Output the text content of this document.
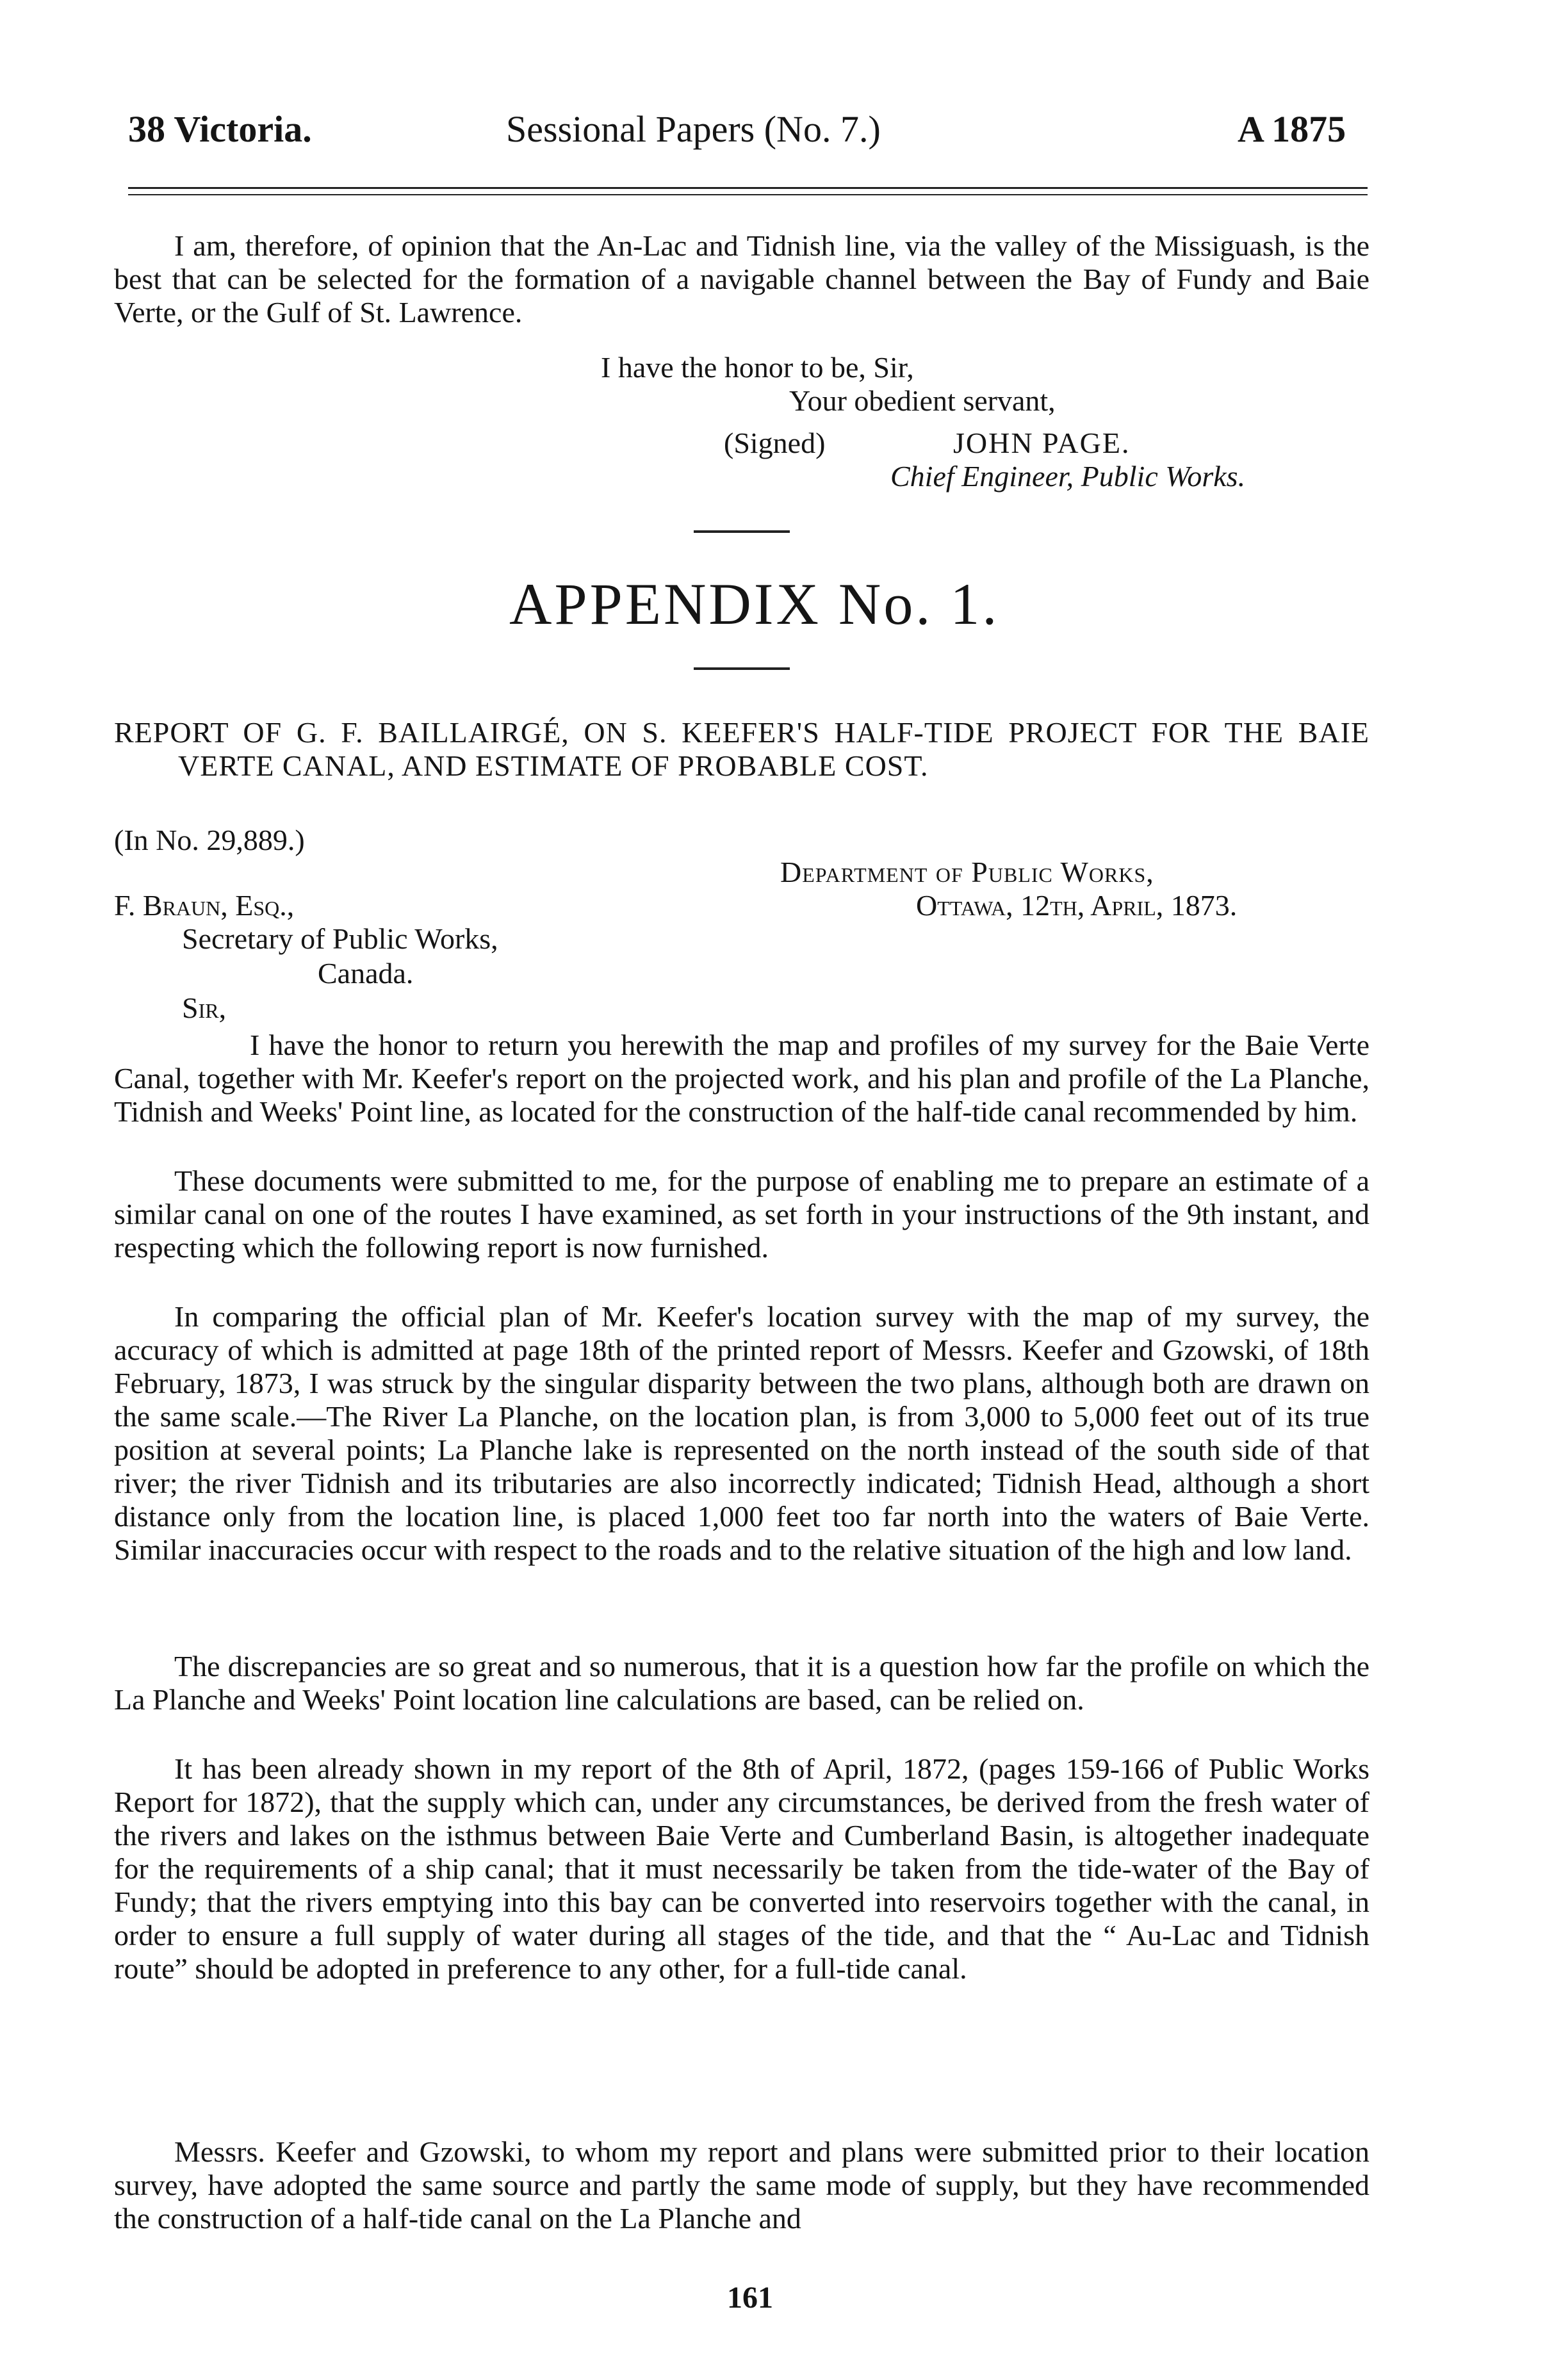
38 Victoria.	Sessional Papers (No. 7.)	A 1875
I am, therefore, of opinion that the An-Lac and Tidnish line, via the valley of the Missiguash, is the best that can be selected for the formation of a navigable channel between the Bay of Fundy and Baie Verte, or the Gulf of St. Lawrence.
I have the honor to be, Sir,
Your obedient servant,
(Signed)	JOHN PAGE.
Chief Engineer, Public Works.
APPENDIX No. 1.
REPORT OF G. F. BAILLAIRGÉ, ON S. KEEFER'S HALF-TIDE PROJECT FOR THE BAIE VERTE CANAL, AND ESTIMATE OF PROBABLE COST.
(In No. 29,889.)
Department of Public Works,
Ottawa, 12th, April, 1873.
F. Braun, Esq.,
Secretary of Public Works,
Canada.
Sir,
I have the honor to return you herewith the map and profiles of my survey for the Baie Verte Canal, together with Mr. Keefer's report on the projected work, and his plan and profile of the La Planche, Tidnish and Weeks' Point line, as located for the construction of the half-tide canal recommended by him.
These documents were submitted to me, for the purpose of enabling me to prepare an estimate of a similar canal on one of the routes I have examined, as set forth in your instructions of the 9th instant, and respecting which the following report is now furnished.
In comparing the official plan of Mr. Keefer's location survey with the map of my survey, the accuracy of which is admitted at page 18th of the printed report of Messrs. Keefer and Gzowski, of 18th February, 1873, I was struck by the singular disparity between the two plans, although both are drawn on the same scale.—The River La Planche, on the location plan, is from 3,000 to 5,000 feet out of its true position at several points; La Planche lake is represented on the north instead of the south side of that river; the river Tidnish and its tributaries are also incorrectly indicated; Tidnish Head, although a short distance only from the location line, is placed 1,000 feet too far north into the waters of Baie Verte. Similar inaccuracies occur with respect to the roads and to the relative situation of the high and low land.
The discrepancies are so great and so numerous, that it is a question how far the profile on which the La Planche and Weeks' Point location line calculations are based, can be relied on.
It has been already shown in my report of the 8th of April, 1872, (pages 159-166 of Public Works Report for 1872), that the supply which can, under any circumstances, be derived from the fresh water of the rivers and lakes on the isthmus between Baie Verte and Cumberland Basin, is altogether inadequate for the requirements of a ship canal; that it must necessarily be taken from the tide-water of the Bay of Fundy; that the rivers emptying into this bay can be converted into reservoirs together with the canal, in order to ensure a full supply of water during all stages of the tide, and that the “ Au-Lac and Tidnish route” should be adopted in preference to any other, for a full-tide canal.
Messrs. Keefer and Gzowski, to whom my report and plans were submitted prior to their location survey, have adopted the same source and partly the same mode of supply, but they have recommended the construction of a half-tide canal on the La Planche and
161
